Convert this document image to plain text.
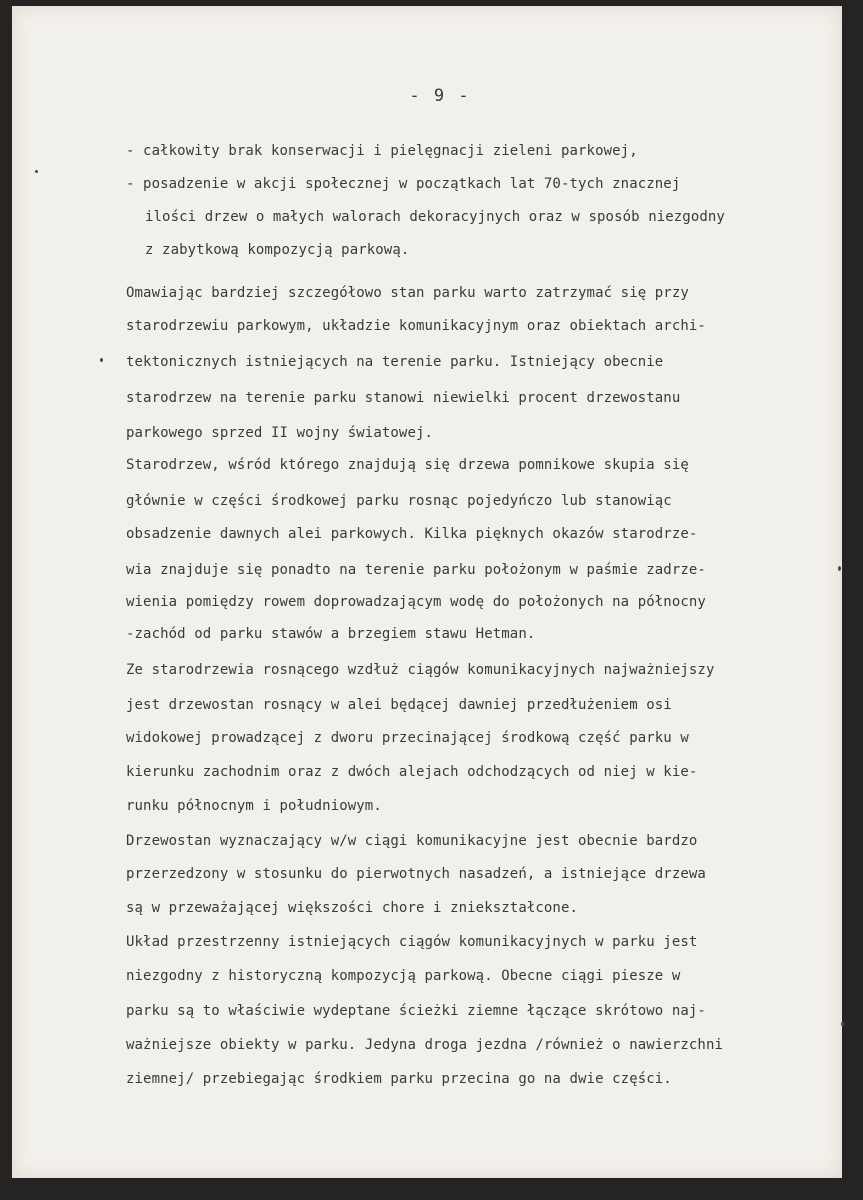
- 9 -
- całkowity brak konserwacji i pielęgnacji zieleni parkowej,
- posadzenie w akcji społecznej w początkach lat 70-tych znacznej
ilości drzew o małych walorach dekoracyjnych oraz w sposób niezgodny
z zabytkową kompozycją parkową.
Omawiając bardziej szczegółowo stan parku warto zatrzymać się przy
starodrzewiu parkowym, układzie komunikacyjnym oraz obiektach archi-
tektonicznych istniejących na terenie parku. Istniejący obecnie
starodrzew na terenie parku stanowi niewielki procent drzewostanu
parkowego sprzed II wojny światowej.
Starodrzew, wśród którego znajdują się drzewa pomnikowe skupia się
głównie w części środkowej parku rosnąc pojedyńczo lub stanowiąc
obsadzenie dawnych alei parkowych. Kilka pięknych okazów starodrze-
wia znajduje się ponadto na terenie parku położonym w paśmie zadrze-
wienia pomiędzy rowem doprowadzającym wodę do położonych na północny
-zachód od parku stawów a brzegiem stawu Hetman.
Ze starodrzewia rosnącego wzdłuż ciągów komunikacyjnych najważniejszy
jest drzewostan rosnący w alei będącej dawniej przedłużeniem osi
widokowej prowadzącej z dworu przecinającej środkową część parku w
kierunku zachodnim oraz z dwóch alejach odchodzących od niej w kie-
runku północnym i południowym.
Drzewostan wyznaczający w/w ciągi komunikacyjne jest obecnie bardzo
przerzedzony w stosunku do pierwotnych nasadzeń, a istniejące drzewa
są w przeważającej większości chore i zniekształcone.
Układ przestrzenny istniejących ciągów komunikacyjnych w parku jest
niezgodny z historyczną kompozycją parkową. Obecne ciągi piesze w
parku są to właściwie wydeptane ścieżki ziemne łączące skrótowo naj-
ważniejsze obiekty w parku. Jedyna droga jezdna /również o nawierzchni
ziemnej/ przebiegając środkiem parku przecina go na dwie części.
